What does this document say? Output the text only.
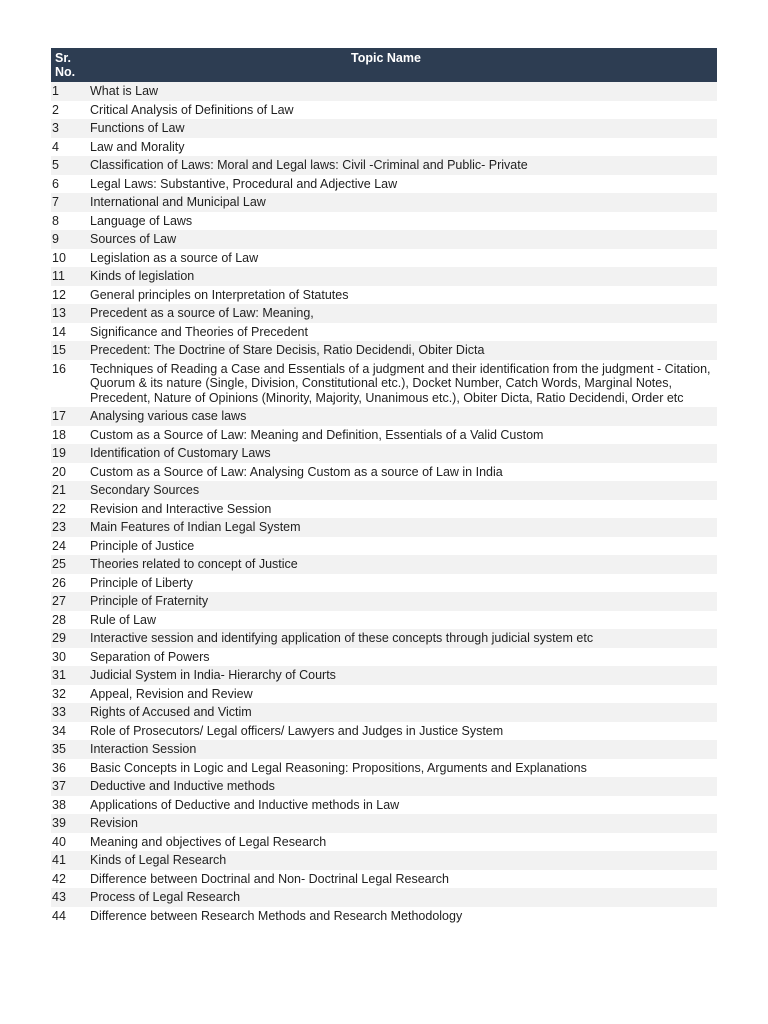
Sr. No.	Topic Name
1	What is Law
2	Critical Analysis of Definitions of Law
3	Functions of Law
4	Law and Morality
5	Classification of Laws: Moral and Legal laws: Civil -Criminal and Public- Private
6	Legal Laws: Substantive, Procedural and Adjective Law
7	International and Municipal Law
8	Language of Laws
9	Sources of Law
10	Legislation as a source of Law
11	Kinds of legislation
12	General principles on Interpretation of Statutes
13	Precedent as a source of Law: Meaning,
14	Significance and Theories of Precedent
15	Precedent: The Doctrine of Stare Decisis, Ratio Decidendi, Obiter Dicta
16	Techniques of Reading a Case and Essentials of a judgment and their identification from the judgment - Citation, Quorum & its nature (Single, Division, Constitutional etc.), Docket Number, Catch Words, Marginal Notes, Precedent, Nature of Opinions (Minority, Majority, Unanimous etc.), Obiter Dicta, Ratio Decidendi, Order etc
17	Analysing various case laws
18	Custom as a Source of Law: Meaning and Definition, Essentials of a Valid Custom
19	Identification of Customary Laws
20	Custom as a Source of Law: Analysing Custom as a source of Law in India
21	Secondary Sources
22	Revision and Interactive Session
23	Main Features of Indian Legal System
24	Principle of Justice
25	Theories related to concept of Justice
26	Principle of Liberty
27	Principle of Fraternity
28	Rule of Law
29	Interactive session and identifying application of these concepts through judicial system etc
30	Separation of Powers
31	Judicial System in India- Hierarchy of Courts
32	Appeal, Revision and Review
33	Rights of Accused and Victim
34	Role of Prosecutors/ Legal officers/ Lawyers and Judges in Justice System
35	Interaction Session
36	Basic Concepts in Logic and Legal Reasoning: Propositions, Arguments and Explanations
37	Deductive and Inductive methods
38	Applications of Deductive and Inductive methods in Law
39	Revision
40	Meaning and objectives of Legal Research
41	Kinds of Legal Research
42	Difference between Doctrinal and Non- Doctrinal Legal Research
43	Process of Legal Research
44	Difference between Research Methods and Research Methodology
